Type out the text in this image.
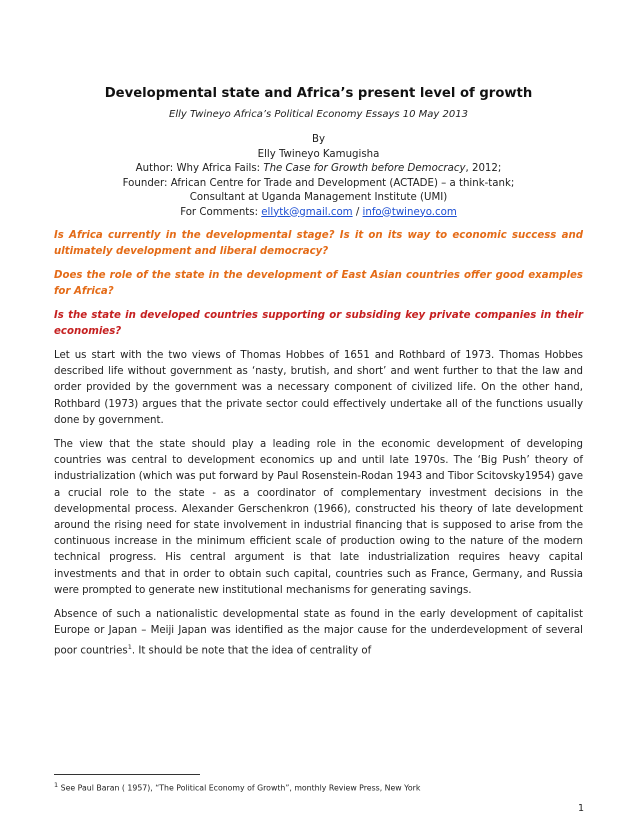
Developmental state and Africa’s present level of growth

Elly Twineyo Africa’s Political Economy Essays 10 May 2013

By
Elly Twineyo Kamugisha
Author: Why Africa Fails: The Case for Growth before Democracy, 2012;
Founder: African Centre for Trade and Development (ACTADE) – a think-tank;
Consultant at Uganda Management Institute (UMI)
For Comments: ellytk@gmail.com / info@twineyo.com

Is Africa currently in the developmental stage? Is it on its way to economic success and ultimately development and liberal democracy?

Does the role of the state in the development of East Asian countries offer good examples for Africa?

Is the state in developed countries supporting or subsiding key private companies in their economies?

Let us start with the two views of Thomas Hobbes of 1651 and Rothbard of 1973. Thomas Hobbes described life without government as ‘nasty, brutish, and short’ and went further to that the law and order provided by the government was a necessary component of civilized life. On the other hand, Rothbard (1973) argues that the private sector could effectively undertake all of the functions usually done by government.

The view that the state should play a leading role in the economic development of developing countries was central to development economics up and until late 1970s. The ‘Big Push’ theory of industrialization (which was put forward by Paul Rosenstein-Rodan 1943 and Tibor Scitovsky1954) gave a crucial role to the state - as a coordinator of complementary investment decisions in the developmental process. Alexander Gerschenkron (1966), constructed his theory of late development around the rising need for state involvement in industrial financing that is supposed to arise from the continuous increase in the minimum efficient scale of production owing to the nature of the modern technical progress. His central argument is that late industrialization requires heavy capital investments and that in order to obtain such capital, countries such as France, Germany, and Russia were prompted to generate new institutional mechanisms for generating savings.

Absence of such a nationalistic developmental state as found in the early development of capitalist Europe or Japan – Meiji Japan was identified as the major cause for the underdevelopment of several poor countries$^1$. It should be note that the idea of centrality of

$^1$ See Paul Baran ( 1957), “The Political Economy of Growth”, monthly Review Press, New York
1
